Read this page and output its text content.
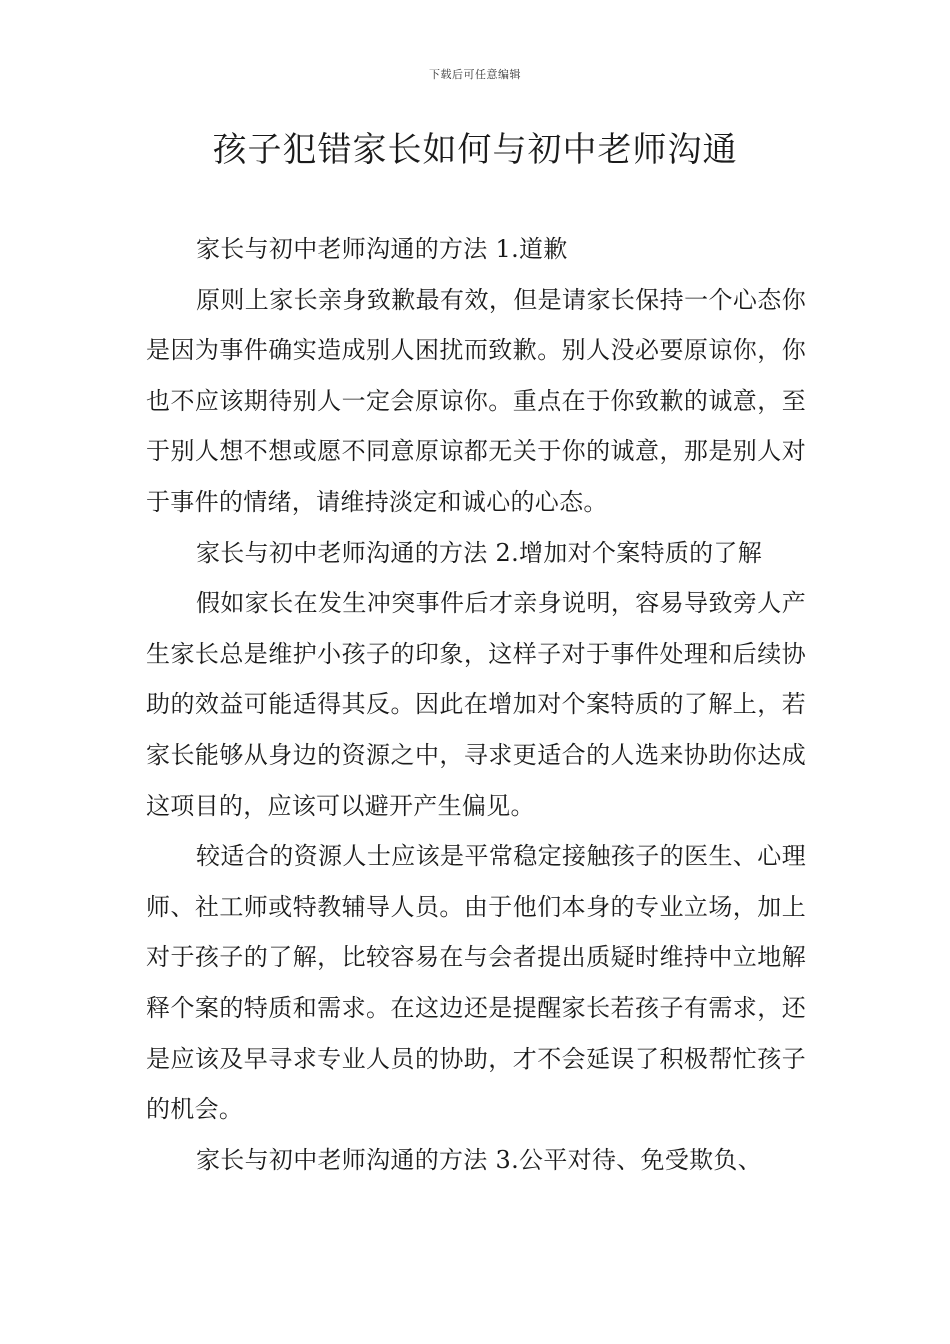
下载后可任意编辑
孩子犯错家长如何与初中老师沟通

家长与初中老师沟通的方法 1.道歉

原则上家长亲身致歉最有效，但是请家长保持一个心态你是因为事件确实造成别人困扰而致歉。别人没必要原谅你，你也不应该期待别人一定会原谅你。重点在于你致歉的诚意，至于别人想不想或愿不同意原谅都无关于你的诚意，那是别人对于事件的情绪，请维持淡定和诚心的心态。

家长与初中老师沟通的方法 2.增加对个案特质的了解

假如家长在发生冲突事件后才亲身说明，容易导致旁人产生家长总是维护小孩子的印象，这样子对于事件处理和后续协助的效益可能适得其反。因此在增加对个案特质的了解上，若家长能够从身边的资源之中，寻求更适合的人选来协助你达成这项目的，应该可以避开产生偏见。

较适合的资源人士应该是平常稳定接触孩子的医生、心理师、社工师或特教辅导人员。由于他们本身的专业立场，加上对于孩子的了解，比较容易在与会者提出质疑时维持中立地解释个案的特质和需求。在这边还是提醒家长若孩子有需求，还是应该及早寻求专业人员的协助，才不会延误了积极帮忙孩子的机会。

家长与初中老师沟通的方法 3.公平对待、免受欺负、
